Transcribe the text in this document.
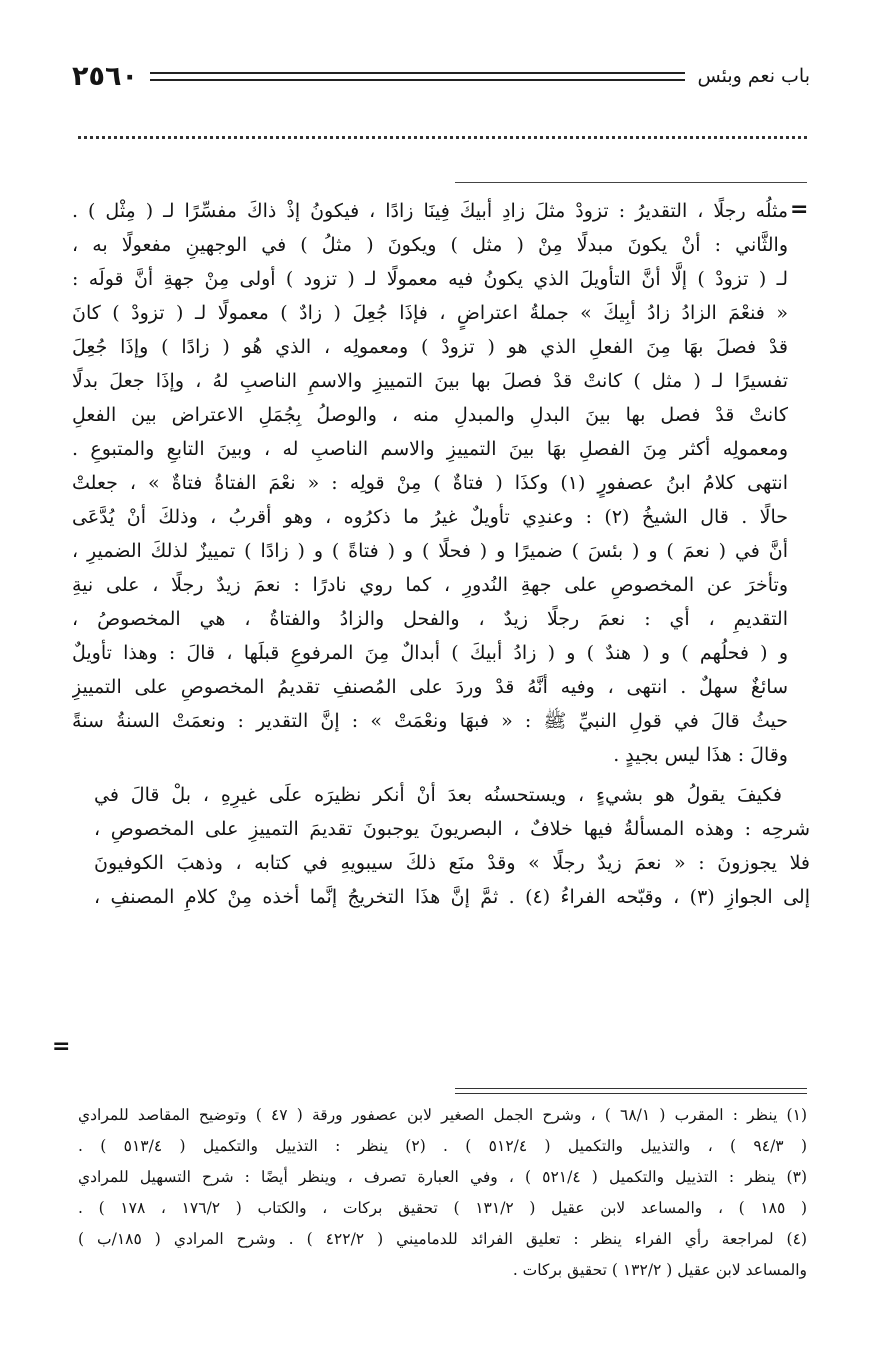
٢٥٦٠	باب نعم وبئس
=
مثلُه رجلًا ، التقديرُ : تزودْ مثلَ زادِ أبيكَ فِينَا زادًا ، فيكونُ إذْ ذاكَ مفسِّرًا لـ ( مِثْل ) .
والثَّاني : أنْ يكونَ مبدلًا مِنْ ( مثل ) ويكونَ ( مثلُ ) في الوجهينِ مفعولًا به ،
لـ ( تزودْ ) إلَّا أنَّ التأويلَ الذي يكونُ فيه معمولًا لـ ( تزود ) أولى مِنْ جهةِ أنَّ قولَه :
« فنعْمَ الزادُ زادُ أبِيكَ » جملةُ اعتراضٍ ، فإذَا جُعِلَ ( زادٌ ) معمولًا لـ ( تزودْ ) كانَ
قدْ فصلَ بهَا مِنَ الفعلِ الذي هو ( تزودْ ) ومعمولِه ، الذي هُو ( زادًا ) وإذَا جُعِلَ
تفسيرًا لـ ( مثل ) كانتْ قدْ فصلَ بها بينَ التمييزِ والاسمِ الناصبِ لهُ ، وإذَا جعلَ بدلًا
كانتْ قدْ فصل بها بينَ البدلِ والمبدلِ منه ، والوصلُ بِجُمَلِ الاعتراض بين الفعلِ
ومعمولِه أكثر مِنَ الفصلِ بهَا بينَ التمييزِ والاسم الناصبِ له ، وبينَ التابعِ والمتبوعِ .
انتهى كلامُ ابنُ عصفورٍ (١) وكذَا ( فتاةٌ ) مِنْ قولِه : « نعْمَ الفتاةُ فتاةٌ » ، جعلتْ
حالًا . قال الشيخُ (٢) : وعندِي تأويلٌ غيرُ ما ذكرُوه ، وهو أقربُ ، وذلكَ أنْ يُدَّعَى
أنَّ في ( نعمَ ) و ( بئسَ ) ضميرًا و ( فحلًا ) و ( فتاةً ) و ( زادًا ) تمييزٌ لذلكَ الضميرِ ،
وتأخرَ عن المخصوصِ على جهةِ النُدورِ ، كما روي نادرًا : نعمَ زيدٌ رجلًا ، على نيةِ
التقديمِ ، أي : نعمَ رجلًا زيدٌ ، والفحل والزادُ والفتاةُ ، هي المخصوصُ ،
و ( فحلُهم ) و ( هندٌ ) و ( زادُ أبيكَ ) أبدالٌ مِنَ المرفوعِ قبلَها ، قالَ : وهذا تأويلٌ
سائغٌ سهلٌ . انتهى ، وفيه أنَّهُ قدْ وردَ على المُصنفِ تقديمُ المخصوصِ على التمييزِ
حيثُ قالَ في قولِ النبيِّ ﷺ : « فبهَا ونعْمَتْ » : إنَّ التقدير : ونعمَتْ السنةُ سنةً
وقالَ : هذَا ليس بجيدٍ .
فكيفَ يقولُ هو بشيءٍ ، ويستحسنُه بعدَ أنْ أنكر نظيرَه علَى غيرِهِ ، بلْ قالَ في
شرحِه : وهذه المسألةُ فيها خلافٌ ، البصريونَ يوجبونَ تقديمَ التمييزِ على المخصوصِ ،
فلا يجوزونَ : « نعمَ زيدٌ رجلًا » وقدْ منَع ذلكَ سيبويهِ في كتابه ، وذهبَ الكوفيونَ
إلى الجوازِ (٣) ، وقبّحه الفراءُ (٤) . ثمَّ إنَّ هذَا التخريجُ إنَّما أخذه مِنْ كلامِ المصنفِ ،
=
(١) ينظر : المقرب ( ٦٨/١ ) ، وشرح الجمل الصغير لابن عصفور ورقة ( ٤٧ ) وتوضيح المقاصد للمرادي
( ٩٤/٣ ) ، والتذييل والتكميل ( ٥١٢/٤ ) . (٢) ينظر : التذييل والتكميل ( ٥١٣/٤ ) .
(٣) ينظر : التذييل والتكميل ( ٥٢١/٤ ) ، وفي العبارة تصرف ، وينظر أيضًا : شرح التسهيل للمرادي
( ١٨٥ ) ، والمساعد لابن عقيل ( ١٣١/٢ ) تحقيق بركات ، والكتاب ( ١٧٦/٢ ، ١٧٨ ) .
(٤) لمراجعة رأي الفراء ينظر : تعليق الفرائد للدماميني ( ٤٢٢/٢ ) . وشرح المرادي ( ١٨٥/ب )
والمساعد لابن عقيل ( ١٣٢/٢ ) تحقيق بركات .
